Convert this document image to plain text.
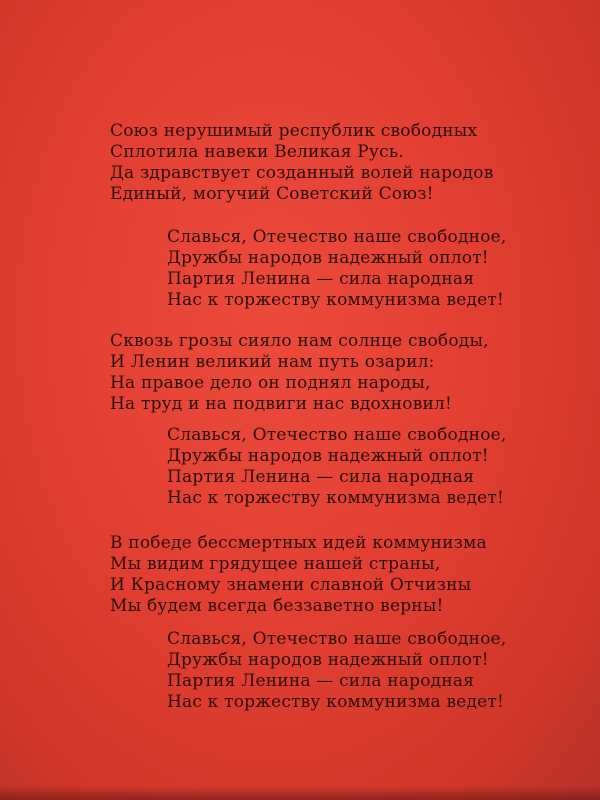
Союз нерушимый республик свободных
Сплотила навеки Великая Русь.
Да здравствует созданный волей народов
Единый, могучий Советский Союз!
Славься, Отечество наше свободное,
Дружбы народов надежный оплот!
Партия Ленина — сила народная
Нас к торжеству коммунизма ведет!
Сквозь грозы сияло нам солнце свободы,
И Ленин великий нам путь озарил:
На правое дело он поднял народы,
На труд и на подвиги нас вдохновил!
Славься, Отечество наше свободное,
Дружбы народов надежный оплот!
Партия Ленина — сила народная
Нас к торжеству коммунизма ведет!
В победе бессмертных идей коммунизма
Мы видим грядущее нашей страны,
И Красному знамени славной Отчизны
Мы будем всегда беззаветно верны!
Славься, Отечество наше свободное,
Дружбы народов надежный оплот!
Партия Ленина — сила народная
Нас к торжеству коммунизма ведет!
